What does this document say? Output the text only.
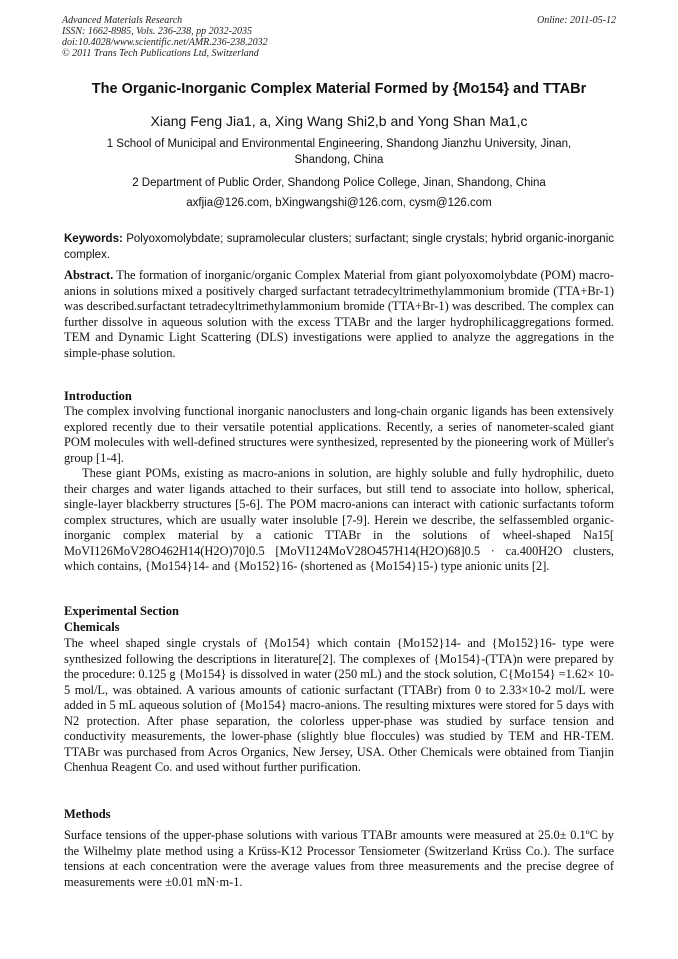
Advanced Materials Research
ISSN: 1662-8985, Vols. 236-238, pp 2032-2035
doi:10.4028/www.scientific.net/AMR.236-238.2032
© 2011 Trans Tech Publications Ltd, Switzerland
Online: 2011-05-12
The Organic-Inorganic Complex Material Formed by {Mo154} and TTABr
Xiang Feng Jia1, a, Xing Wang Shi2,b and Yong Shan Ma1,c
1 School of Municipal and Environmental Engineering, Shandong Jianzhu University, Jinan, Shandong, China
2 Department of Public Order, Shandong Police College, Jinan, Shandong, China
axfjia@126.com, bXingwangshi@126.com, cysm@126.com
Keywords: Polyoxomolybdate; supramolecular clusters; surfactant; single crystals; hybrid organic-inorganic complex.
Abstract. The formation of inorganic/organic Complex Material from giant polyoxomolybdate (POM) macro-anions in solutions mixed a positively charged surfactant tetradecyltrimethylammonium bromide (TTA+Br-1) was described.surfactant tetradecyltrimethylammonium bromide (TTA+Br-1) was described. The complex can further dissolve in aqueous solution with the excess TTABr and the larger hydrophilicaggregations formed. TEM and Dynamic Light Scattering (DLS) investigations were applied to analyze the aggregations in the simple-phase solution.
Introduction

The complex involving functional inorganic nanoclusters and long-chain organic ligands has been extensively explored recently due to their versatile potential applications. Recently, a series of nanometer-scaled giant POM molecules with well-defined structures were synthesized, represented by the pioneering work of Müller's group [1-4].

These giant POMs, existing as macro-anions in solution, are highly soluble and fully hydrophilic, dueto their charges and water ligands attached to their surfaces, but still tend to associate into hollow, spherical, single-layer blackberry structures [5-6]. The POM macro-anions can interact with cationic surfactants toform complex structures, which are usually water insoluble [7-9]. Herein we describe, the selfassembled organic-inorganic complex material by a cationic TTABr in the solutions of wheel-shaped Na15[ MoVI126MoV28O462H14(H2O)70]0.5 [MoVI124MoV28O457H14(H2O)68]0.5 · ca.400H2O clusters, which contains, {Mo154}14- and {Mo152}16- (shortened as {Mo154}15-) type anionic units [2].

Experimental Section
Chemicals
The wheel shaped single crystals of {Mo154} which contain {Mo152}14- and {Mo152}16- type were synthesized following the descriptions in literature[2]. The complexes of {Mo154}-(TTA)n were prepared by the procedure: 0.125 g {Mo154} is dissolved in water (250 mL) and the stock solution, C{Mo154} =1.62× 10-5 mol/L, was obtained. A various amounts of cationic surfactant (TTABr) from 0 to 2.33×10-2 mol/L were added in 5 mL aqueous solution of {Mo154} macro-anions. The resulting mixtures were stored for 5 days with N2 protection. After phase separation, the colorless upper-phase was studied by surface tension and conductivity measurements, the lower-phase (slightly blue floccules) was studied by TEM and HR-TEM. TTABr was purchased from Acros Organics, New Jersey, USA. Other Chemicals were obtained from Tianjin Chenhua Reagent Co. and used without further purification.
Methods
Surface tensions of the upper-phase solutions with various TTABr amounts were measured at 25.0± 0.1ºC by the Wilhelmy plate method using a Krüss-K12 Processor Tensiometer (Switzerland Krüss Co.). The surface tensions at each concentration were the average values from three measurements and the precise degree of measurements were ±0.01 mN·m-1.
